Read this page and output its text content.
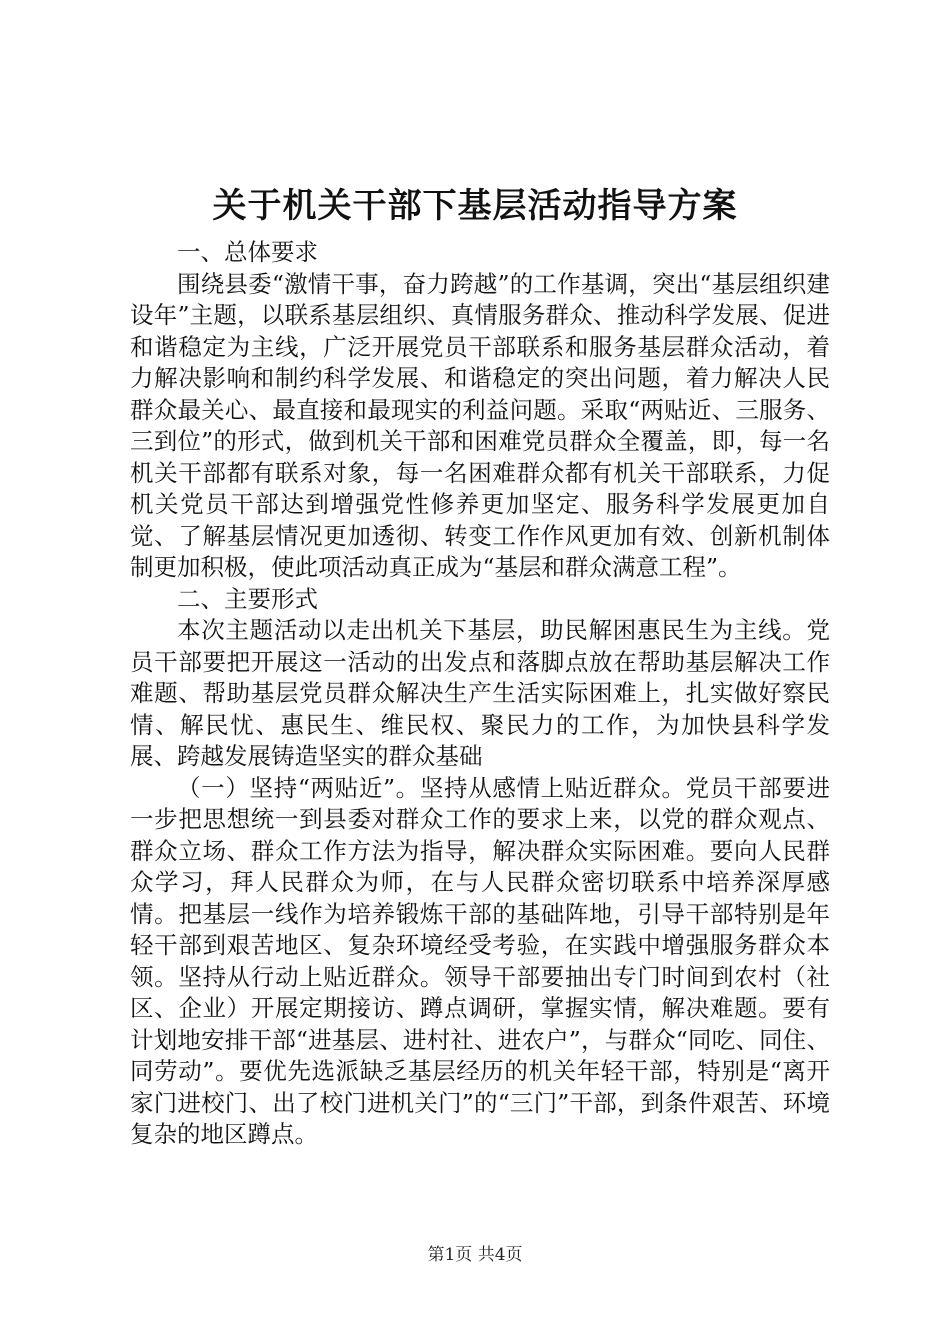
关于机关干部下基层活动指导方案

一、总体要求

围绕县委“激情干事，奋力跨越”的工作基调，突出“基层组织建设年”主题，以联系基层组织、真情服务群众、推动科学发展、促进和谐稳定为主线，广泛开展党员干部联系和服务基层群众活动，着力解决影响和制约科学发展、和谐稳定的突出问题，着力解决人民群众最关心、最直接和最现实的利益问题。采取“两贴近、三服务、三到位”的形式，做到机关干部和困难党员群众全覆盖，即，每一名机关干部都有联系对象，每一名困难群众都有机关干部联系，力促机关党员干部达到增强党性修养更加坚定、服务科学发展更加自觉、了解基层情况更加透彻、转变工作作风更加有效、创新机制体制更加积极，使此项活动真正成为“基层和群众满意工程”。

二、主要形式

本次主题活动以走出机关下基层，助民解困惠民生为主线。党员干部要把开展这一活动的出发点和落脚点放在帮助基层解决工作难题、帮助基层党员群众解决生产生活实际困难上，扎实做好察民情、解民忧、惠民生、维民权、聚民力的工作，为加快县科学发展、跨越发展铸造坚实的群众基础

（一）坚持“两贴近”。坚持从感情上贴近群众。党员干部要进一步把思想统一到县委对群众工作的要求上来，以党的群众观点、群众立场、群众工作方法为指导，解决群众实际困难。要向人民群众学习，拜人民群众为师，在与人民群众密切联系中培养深厚感情。把基层一线作为培养锻炼干部的基础阵地，引导干部特别是年轻干部到艰苦地区、复杂环境经受考验，在实践中增强服务群众本领。坚持从行动上贴近群众。领导干部要抽出专门时间到农村（社区、企业）开展定期接访、蹲点调研，掌握实情，解决难题。要有计划地安排干部“进基层、进村社、进农户”，与群众“同吃、同住、同劳动”。要优先选派缺乏基层经历的机关年轻干部，特别是“离开家门进校门、出了校门进机关门”的“三门”干部，到条件艰苦、环境复杂的地区蹲点。

第1页 共4页
